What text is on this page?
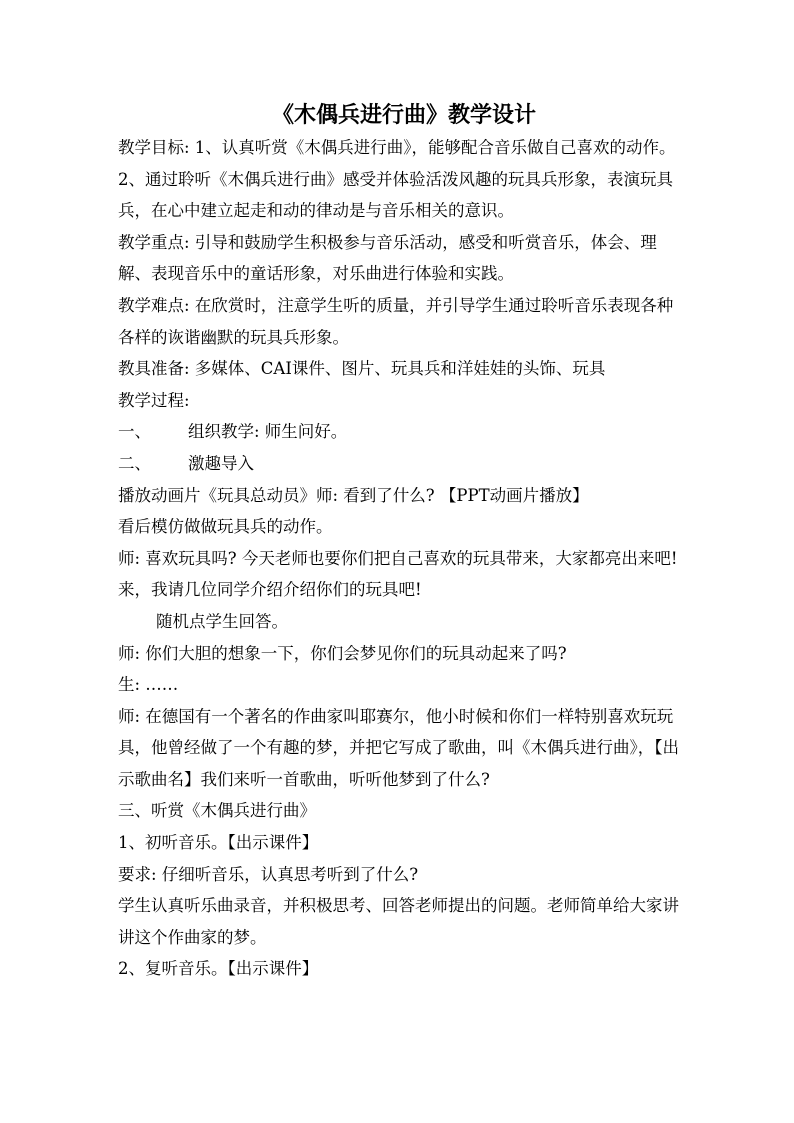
《木偶兵进行曲》教学设计

教学目标: 1、认真听赏《木偶兵进行曲》，能够配合音乐做自己喜欢的动作。

2、通过聆听《木偶兵进行曲》感受并体验活泼风趣的玩具兵形象，表演玩具兵，在心中建立起走和动的律动是与音乐相关的意识。

教学重点: 引导和鼓励学生积极参与音乐活动，感受和听赏音乐，体会、理解、表现音乐中的童话形象，对乐曲进行体验和实践。

教学难点: 在欣赏时，注意学生听的质量，并引导学生通过聆听音乐表现各种各样的诙谐幽默的玩具兵形象。

教具准备: 多媒体、CAI课件、图片、玩具兵和洋娃娃的头饰、玩具

教学过程:

一、	组织教学: 师生问好。
二、	激趣导入

播放动画片《玩具总动员》师: 看到了什么? 【PPT动画片播放】

看后模仿做做玩具兵的动作。

师: 喜欢玩具吗? 今天老师也要你们把自己喜欢的玩具带来，大家都亮出来吧! 来，我请几位同学介绍介绍你们的玩具吧!

随机点学生回答。

师: 你们大胆的想象一下，你们会梦见你们的玩具动起来了吗?

生: ……

师: 在德国有一个著名的作曲家叫耶赛尔，他小时候和你们一样特别喜欢玩玩具，他曾经做了一个有趣的梦，并把它写成了歌曲，叫《木偶兵进行曲》，【出示歌曲名】我们来听一首歌曲，听听他梦到了什么?

三、听赏《木偶兵进行曲》

1、初听音乐。【出示课件】

要求: 仔细听音乐，认真思考听到了什么?

学生认真听乐曲录音，并积极思考、回答老师提出的问题。老师简单给大家讲讲这个作曲家的梦。

2、复听音乐。【出示课件】
